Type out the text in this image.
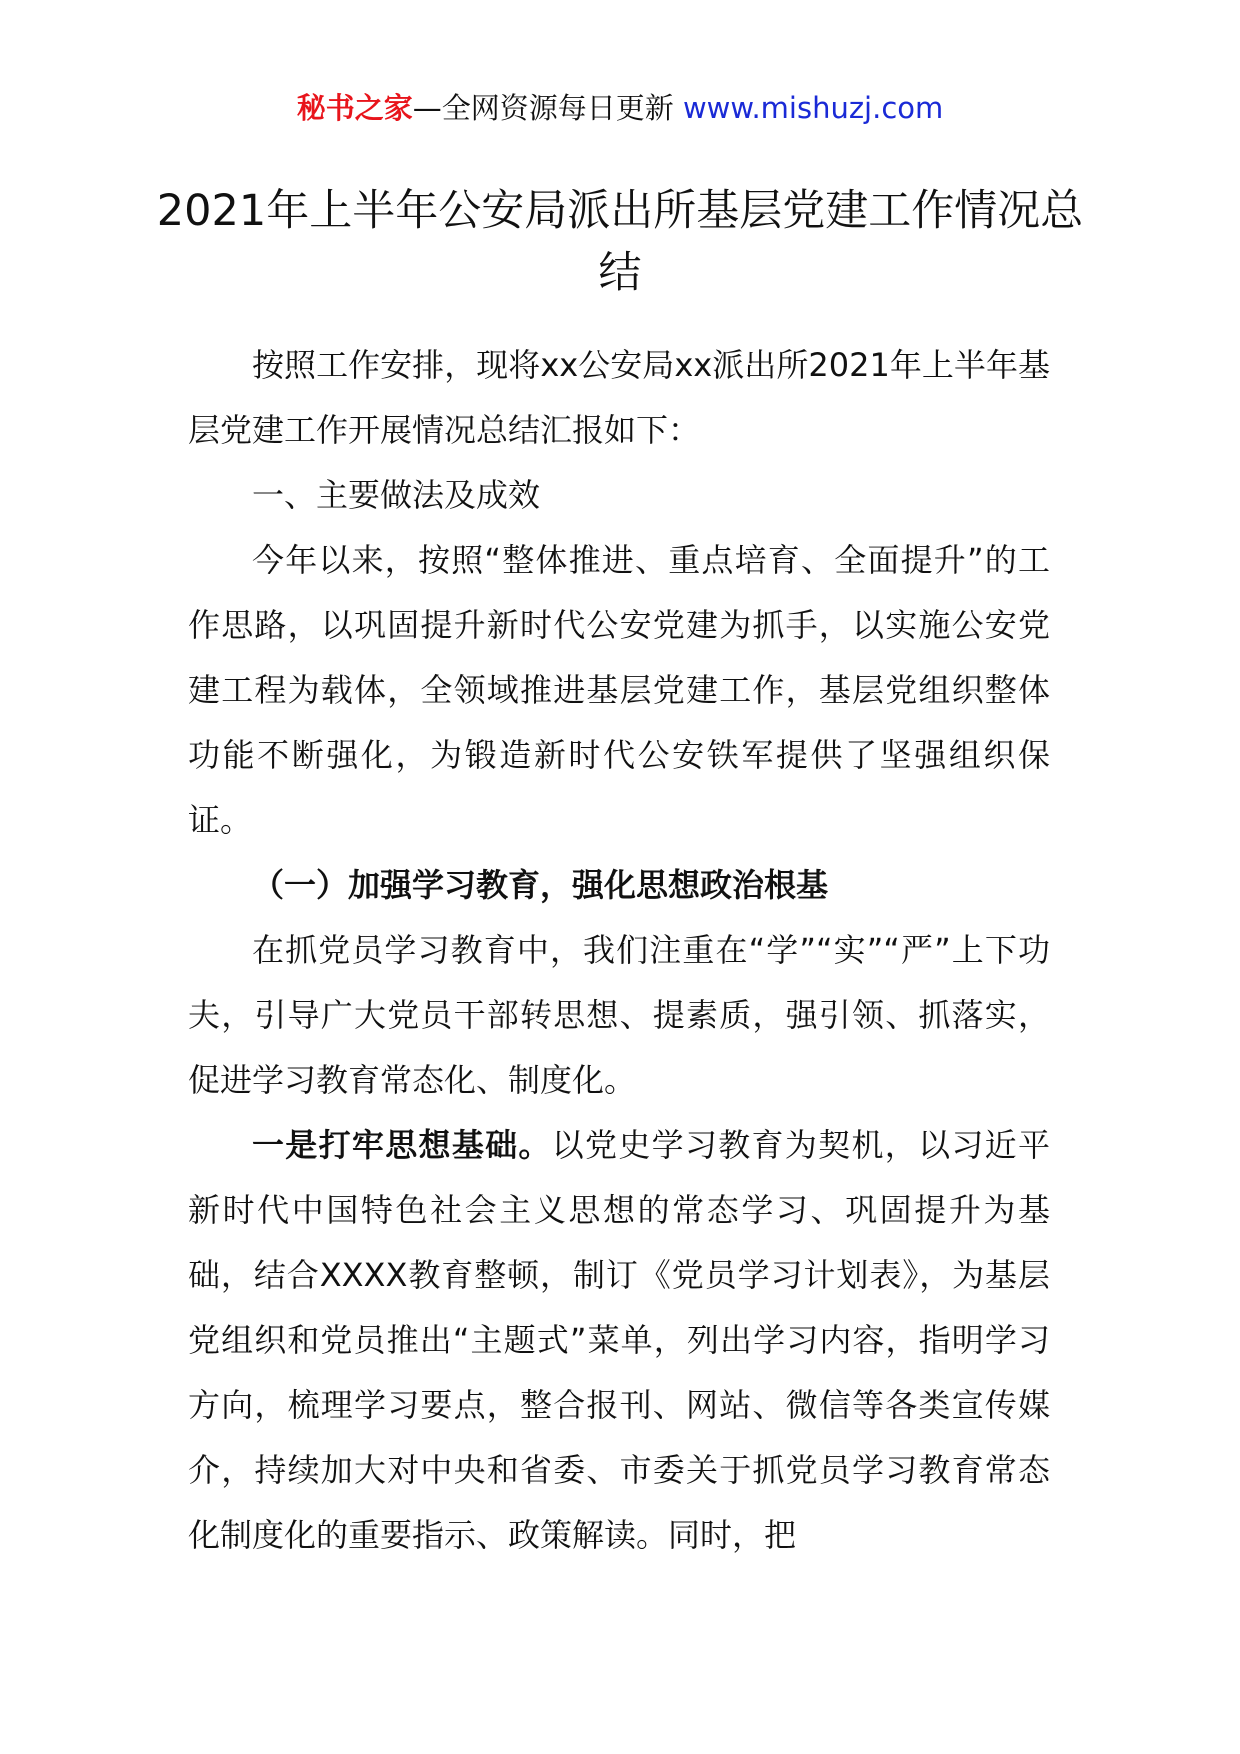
秘书之家—全网资源每日更新 www.mishuzj.com
2021年上半年公安局派出所基层党建工作情况总结

按照工作安排，现将xx公安局xx派出所2021年上半年基层党建工作开展情况总结汇报如下：

一、主要做法及成效

今年以来，按照“整体推进、重点培育、全面提升”的工作思路，以巩固提升新时代公安党建为抓手，以实施公安党建工程为载体，全领域推进基层党建工作，基层党组织整体功能不断强化，为锻造新时代公安铁军提供了坚强组织保证。

（一）加强学习教育，强化思想政治根基

在抓党员学习教育中，我们注重在“学”“实”“严”上下功夫，引导广大党员干部转思想、提素质，强引领、抓落实，促进学习教育常态化、制度化。

一是打牢思想基础。以党史学习教育为契机，以习近平新时代中国特色社会主义思想的常态学习、巩固提升为基础，结合XXXX教育整顿，制订《党员学习计划表》，为基层党组织和党员推出“主题式”菜单，列出学习内容，指明学习方向，梳理学习要点，整合报刊、网站、微信等各类宣传媒介，持续加大对中央和省委、市委关于抓党员学习教育常态化制度化的重要指示、政策解读。同时，把
